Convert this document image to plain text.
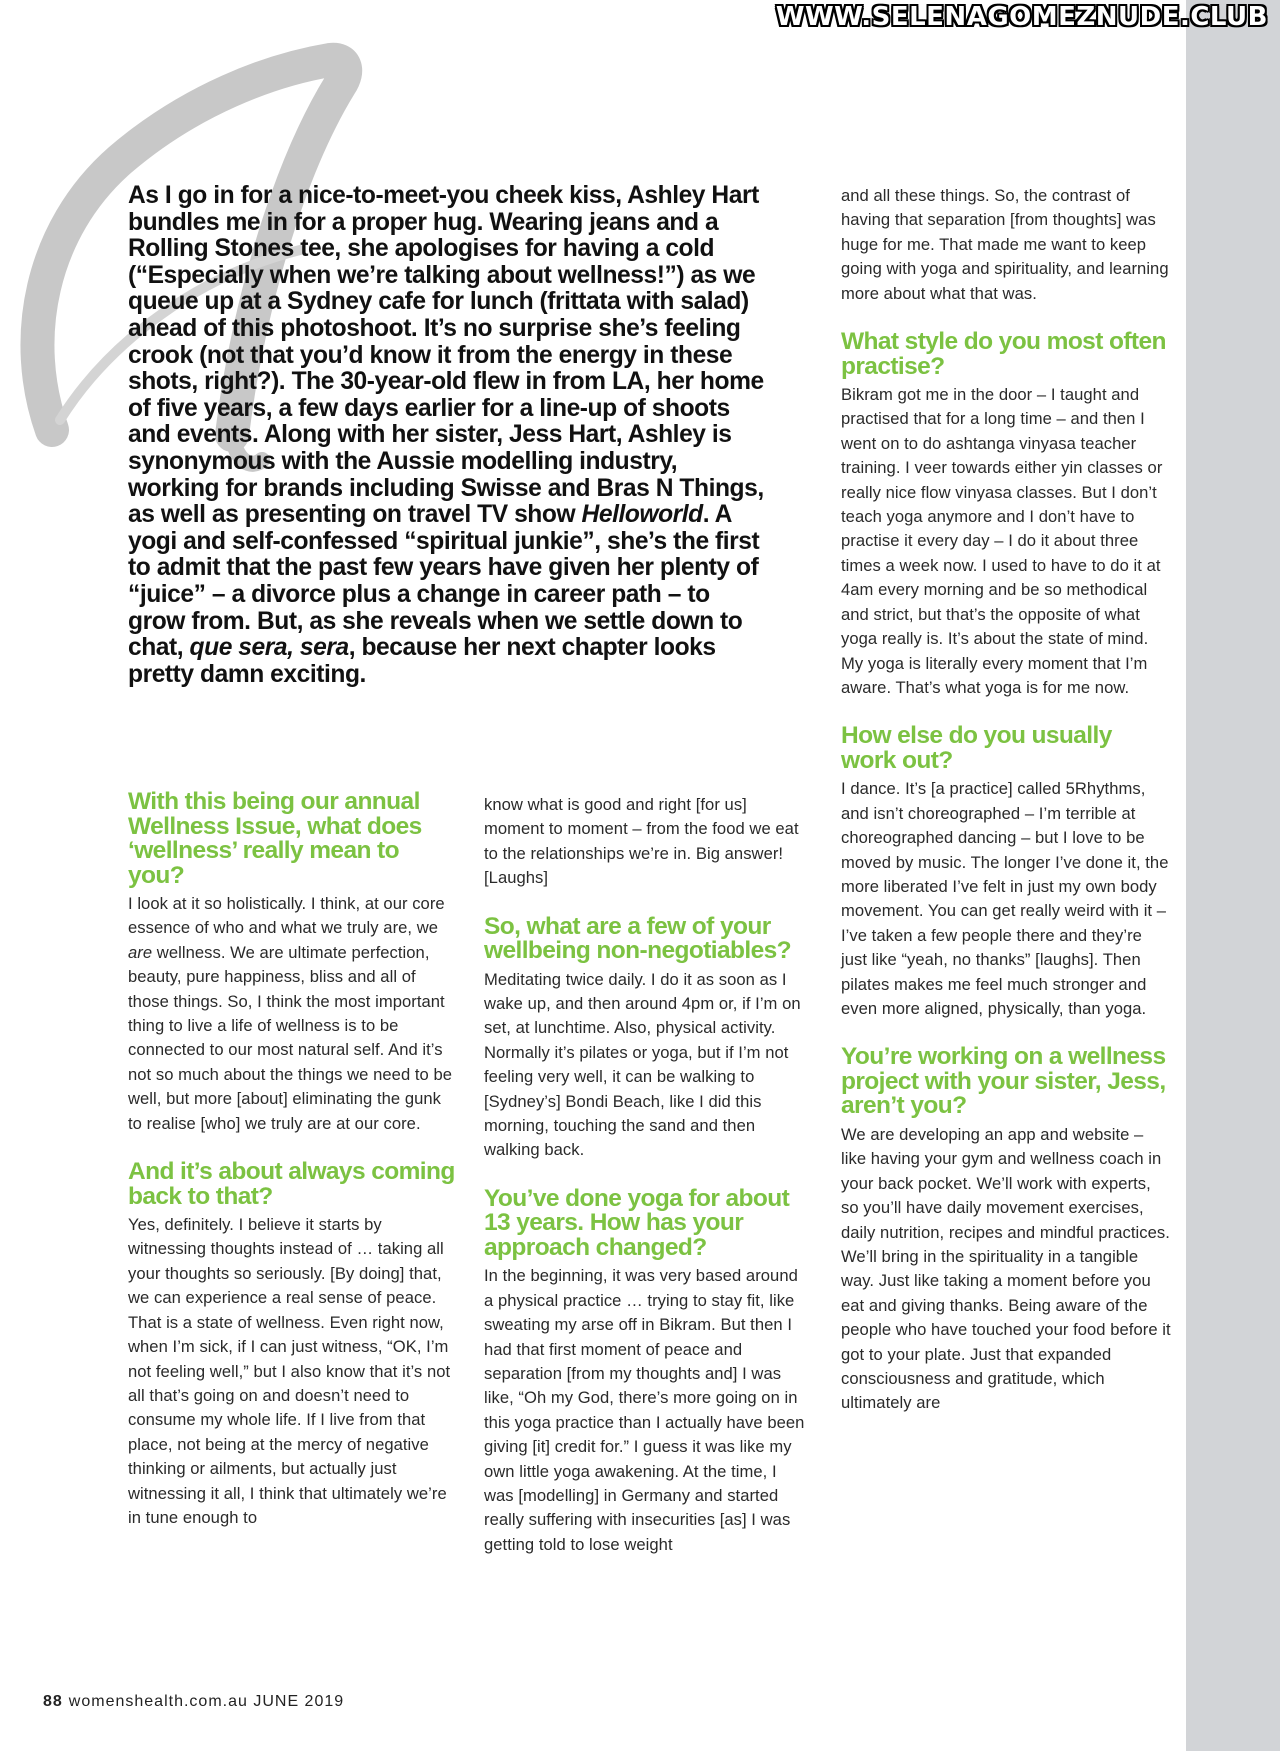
WWW.SELENAGOMEZNUDE.CLUB

As I go in for a nice-to-meet-you cheek kiss, Ashley Hart bundles me in for a proper hug. Wearing jeans and a Rolling Stones tee, she apologises for having a cold (“Especially when we’re talking about wellness!”) as we queue up at a Sydney cafe for lunch (frittata with salad) ahead of this photoshoot. It’s no surprise she’s feeling crook (not that you’d know it from the energy in these shots, right?). The 30-year-old flew in from LA, her home of five years, a few days earlier for a line-up of shoots and events. Along with her sister, Jess Hart, Ashley is synonymous with the Aussie modelling industry, working for brands including Swisse and Bras N Things, as well as presenting on travel TV show Helloworld. A yogi and self-confessed “spiritual junkie”, she’s the first to admit that the past few years have given her plenty of “juice” – a divorce plus a change in career path – to grow from. But, as she reveals when we settle down to chat, que sera, sera, because her next chapter looks pretty damn exciting.

With this being our annual Wellness Issue, what does ‘wellness’ really mean to you?

I look at it so holistically. I think, at our core essence of who and what we truly are, we are wellness. We are ultimate perfection, beauty, pure happiness, bliss and all of those things. So, I think the most important thing to live a life of wellness is to be connected to our most natural self. And it’s not so much about the things we need to be well, but more [about] eliminating the gunk to realise [who] we truly are at our core.

And it’s about always coming back to that?

Yes, definitely. I believe it starts by witnessing thoughts instead of … taking all your thoughts so seriously. [By doing] that, we can experience a real sense of peace. That is a state of wellness. Even right now, when I’m sick, if I can just witness, “OK, I’m not feeling well,” but I also know that it’s not all that’s going on and doesn’t need to consume my whole life. If I live from that place, not being at the mercy of negative thinking or ailments, but actually just witnessing it all, I think that ultimately we’re in tune enough to

know what is good and right [for us] moment to moment – from the food we eat to the relationships we’re in. Big answer! [Laughs]

So, what are a few of your wellbeing non-negotiables?

Meditating twice daily. I do it as soon as I wake up, and then around 4pm or, if I’m on set, at lunchtime. Also, physical activity. Normally it’s pilates or yoga, but if I’m not feeling very well, it can be walking to [Sydney’s] Bondi Beach, like I did this morning, touching the sand and then walking back.

You’ve done yoga for about 13 years. How has your approach changed?

In the beginning, it was very based around a physical practice … trying to stay fit, like sweating my arse off in Bikram. But then I had that first moment of peace and separation [from my thoughts and] I was like, “Oh my God, there’s more going on in this yoga practice than I actually have been giving [it] credit for.” I guess it was like my own little yoga awakening. At the time, I was [modelling] in Germany and started really suffering with insecurities [as] I was getting told to lose weight

and all these things. So, the contrast of having that separation [from thoughts] was huge for me. That made me want to keep going with yoga and spirituality, and learning more about what that was.

What style do you most often practise?

Bikram got me in the door – I taught and practised that for a long time – and then I went on to do ashtanga vinyasa teacher training. I veer towards either yin classes or really nice flow vinyasa classes. But I don’t teach yoga anymore and I don’t have to practise it every day – I do it about three times a week now. I used to have to do it at 4am every morning and be so methodical and strict, but that’s the opposite of what yoga really is. It’s about the state of mind. My yoga is literally every moment that I’m aware. That’s what yoga is for me now.

How else do you usually work out?

I dance. It’s [a practice] called 5Rhythms, and isn’t choreographed – I’m terrible at choreographed dancing – but I love to be moved by music. The longer I’ve done it, the more liberated I’ve felt in just my own body movement. You can get really weird with it – I’ve taken a few people there and they’re just like “yeah, no thanks” [laughs]. Then pilates makes me feel much stronger and even more aligned, physically, than yoga.

You’re working on a wellness project with your sister, Jess, aren’t you?

We are developing an app and website – like having your gym and wellness coach in your back pocket. We’ll work with experts, so you’ll have daily movement exercises, daily nutrition, recipes and mindful practices. We’ll bring in the spirituality in a tangible way. Just like taking a moment before you eat and giving thanks. Being aware of the people who have touched your food before it got to your plate. Just that expanded consciousness and gratitude, which ultimately are

88 womenshealth.com.au JUNE 2019
